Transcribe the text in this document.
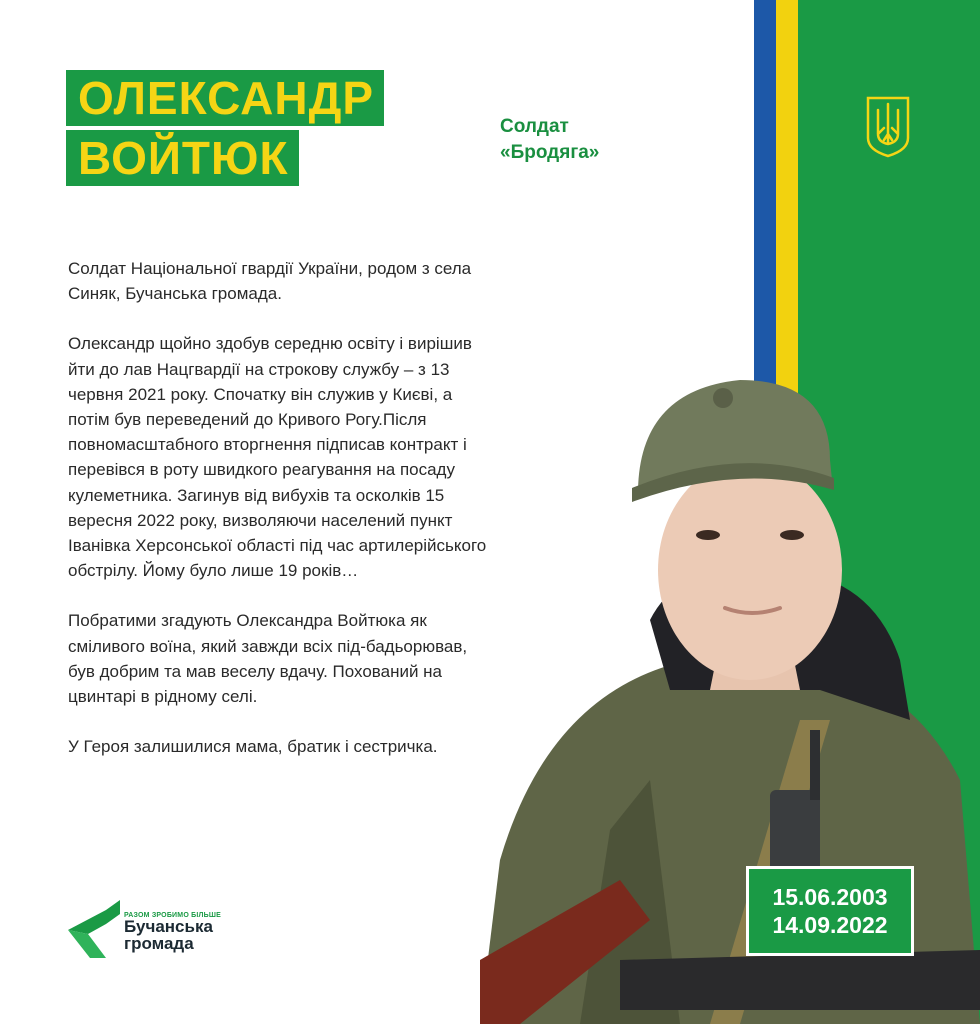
ОЛЕКСАНДР
ВОЙТЮК
Солдат
«Бродяга»

Солдат Національної гвардії України, родом з села Синяк, Бучанська громада.

Олександр щойно здобув середню освіту і вирішив йти до лав Нацгвардії на строкову службу – з 13 червня 2021 року. Спочатку він служив у Києві, а потім був переведений до Кривого Рогу.Після повномасштабного вторгнення підписав контракт і перевівся в роту швидкого реагування на посаду кулеметника. Загинув від вибухів та осколків 15 вересня 2022 року, визволяючи населений пункт Іванівка Херсонської області під час артилерійського обстрілу. Йому було лише 19 років…

Побратими згадують Олександра Войтюка як сміливого воїна, який завжди всіх під-бадьорював, був добрим та мав веселу вдачу. Похований на цвинтарі в рідному селі.

У Героя залишилися мама, братик і сестричка.

15.06.2003
14.09.2022
РАЗОМ ЗРОБИМО БІЛЬШЕ
Бучанська
громада
